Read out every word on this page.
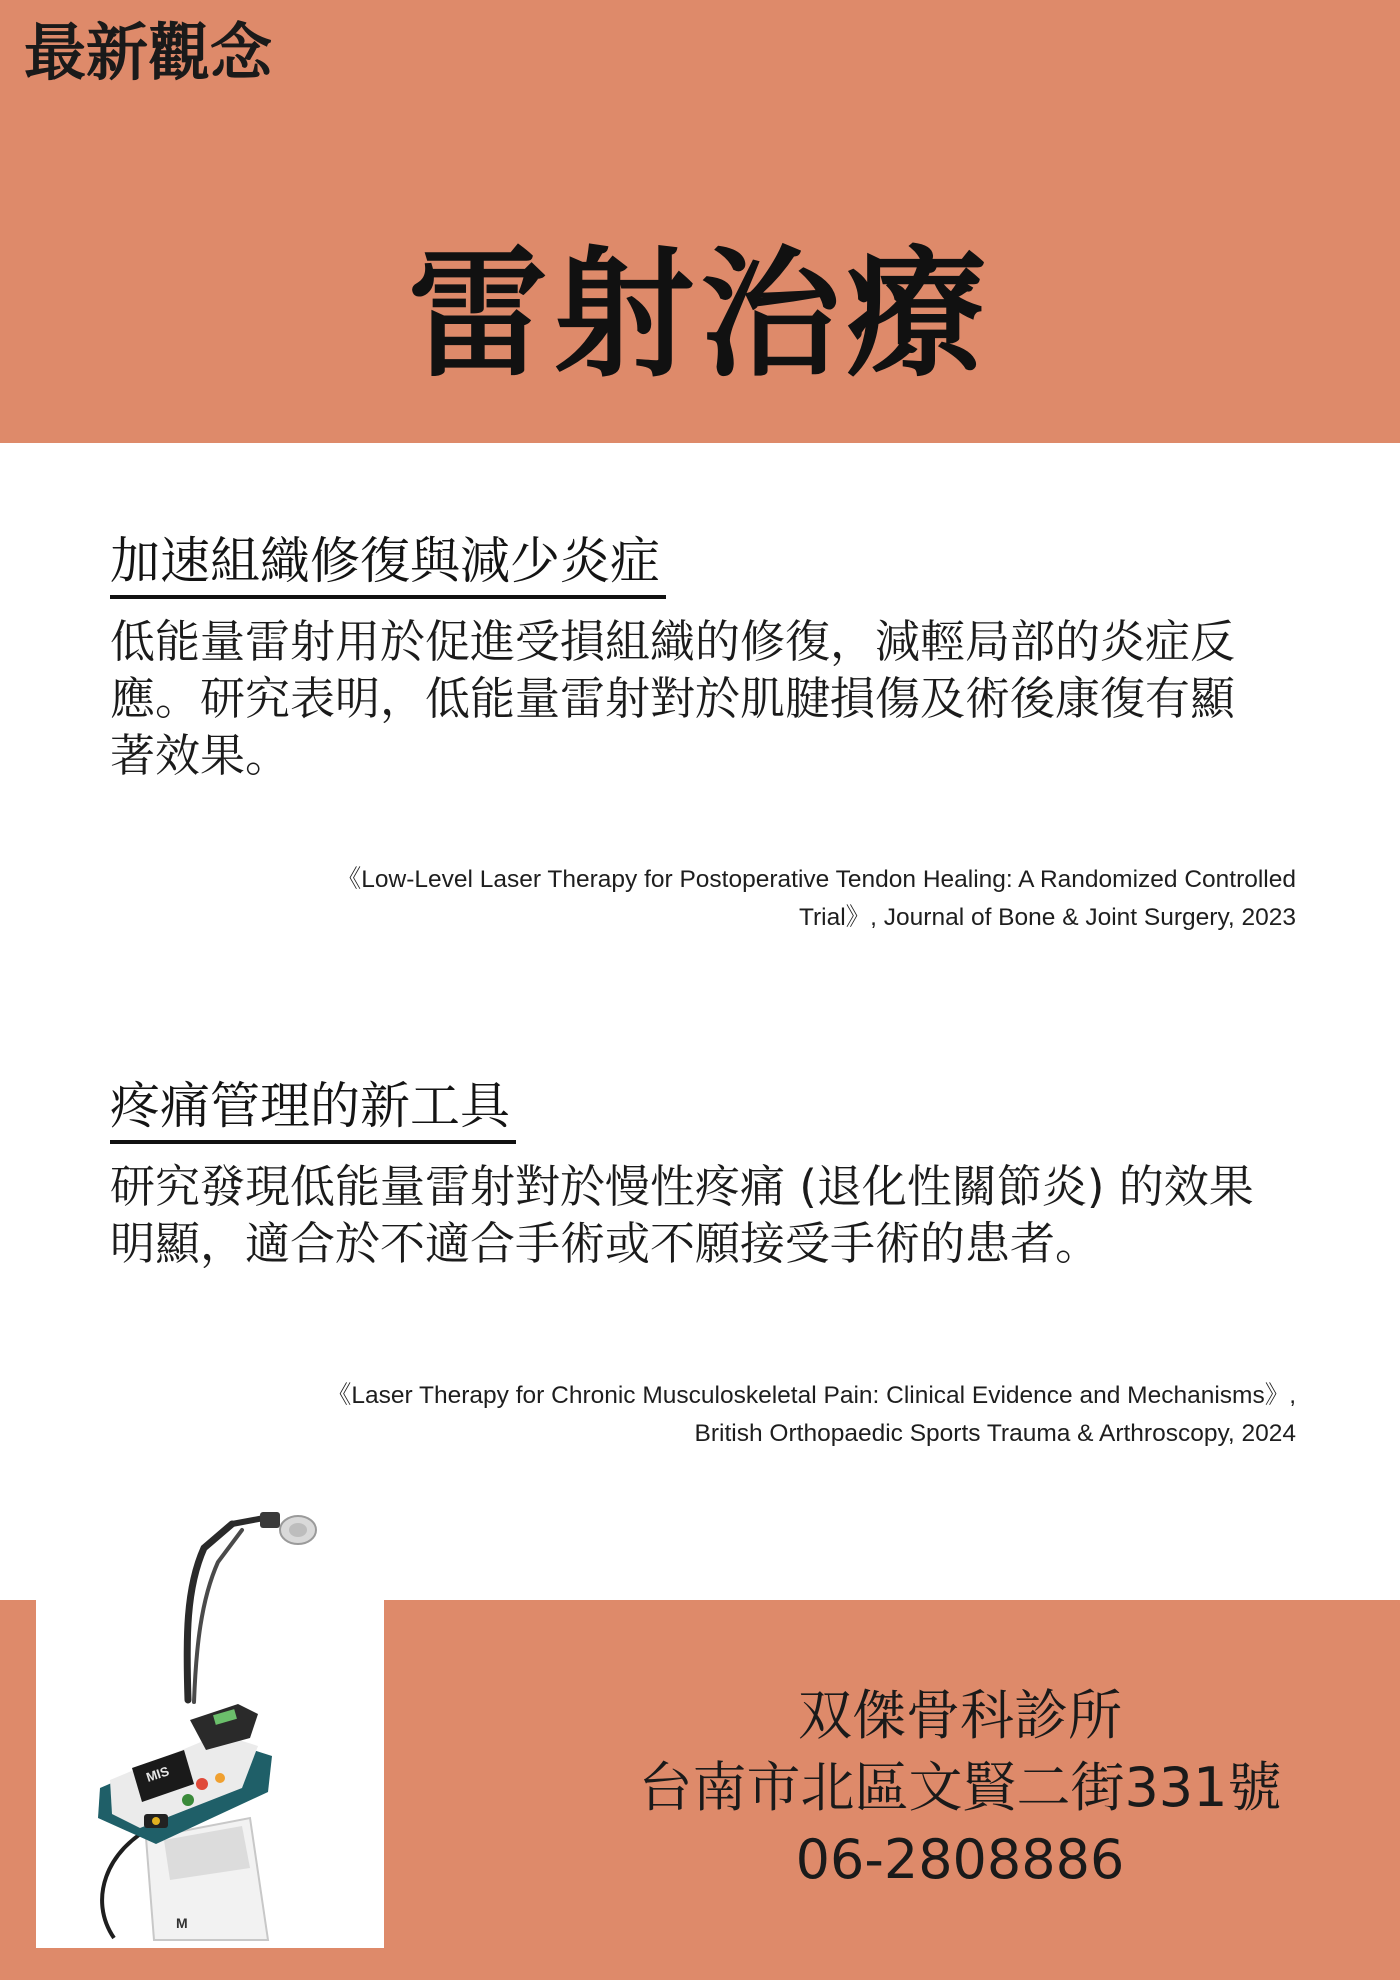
最新觀念
雷射治療
加速組織修復與減少炎症

低能量雷射用於促進受損組織的修復，減輕局部的炎症反應。研究表明，低能量雷射對於肌腱損傷及術後康復有顯著效果。

《Low-Level Laser Therapy for Postoperative Tendon Healing: A Randomized Controlled Trial》, Journal of Bone & Joint Surgery, 2023
疼痛管理的新工具

研究發現低能量雷射對於慢性疼痛 (退化性關節炎) 的效果明顯，適合於不適合手術或不願接受手術的患者。

《Laser Therapy for Chronic Musculoskeletal Pain: Clinical Evidence and Mechanisms》, British Orthopaedic Sports Trauma & Arthroscopy, 2024
M
MIS
双傑骨科診所
台南市北區文賢二街331號
06-2808886
